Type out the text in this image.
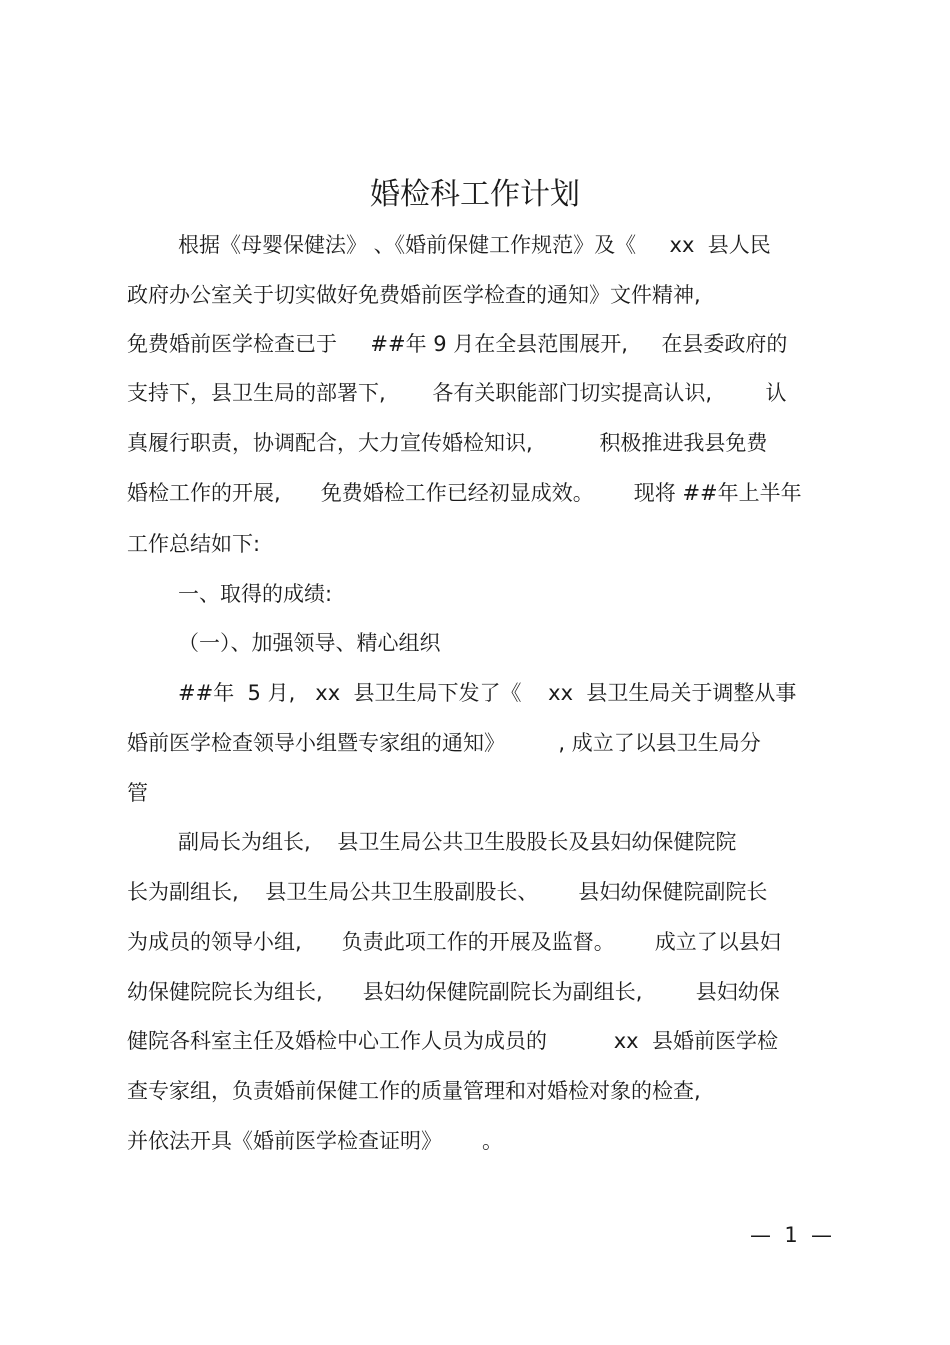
婚检科工作计划
根据《母婴保健法》 、《婚前保健工作规范》及《     xx  县人民
政府办公室关于切实做好免费婚前医学检查的通知》文件精神,
免费婚前医学检查已于     ##年 9 月在全县范围展开,     在县委政府的
支持下，县卫生局的部署下,       各有关职能部门切实提高认识,        认
真履行职责，协调配合，大力宣传婚检知识,          积极推进我县免费
婚检工作的开展,      免费婚检工作已经初显成效。      现将 ##年上半年
工作总结如下:
一、取得的成绩:
（一）、加强领导、精心组织
##年  5 月,   xx  县卫生局下发了《    xx  县卫生局关于调整从事
婚前医学检查领导小组暨专家组的通知》        , 成立了以县卫生局分
管
副局长为组长,    县卫生局公共卫生股股长及县妇幼保健院院
长为副组长,    县卫生局公共卫生股副股长、      县妇幼保健院副院长
为成员的领导小组,      负责此项工作的开展及监督。      成立了以县妇
幼保健院院长为组长,      县妇幼保健院副院长为副组长,        县妇幼保
健院各科室主任及婚检中心工作人员为成员的          xx  县婚前医学检
查专家组，负责婚前保健工作的质量管理和对婚检对象的检查,
并依法开具《婚前医学检查证明》      。
—  1  —
